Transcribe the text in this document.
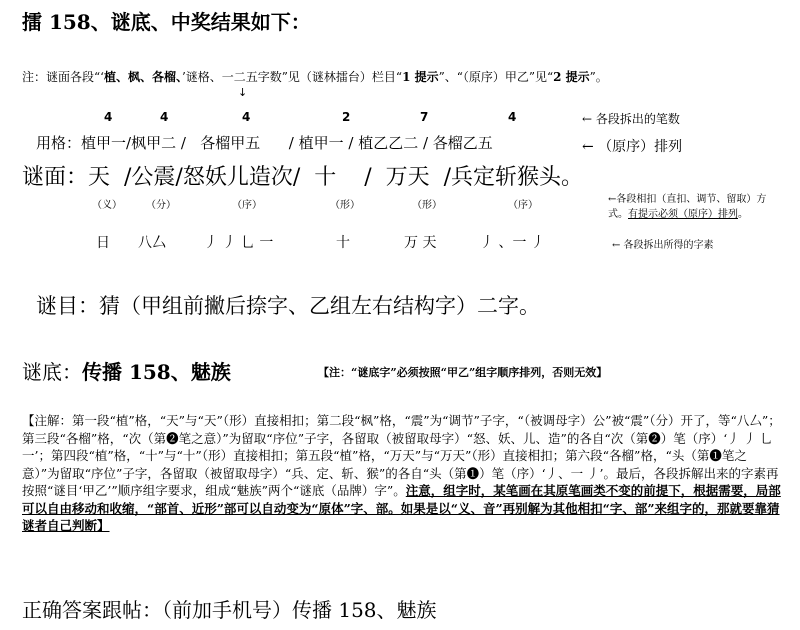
擂 158、谜底、中奖结果如下：
注：谜面各段“‘植、枫、各榴、’谜格、一二五字数”见（谜林擂台）栏目“1 提示”、“（原序）甲乙”见“2 提示”。
↓
4	4	4	2	7	4	← 各段拆出的笔数
用格：植甲一/枫甲二 /   各榴甲五      / 植甲一 / 植乙乙二 / 各榴乙五	← （原序）排列
谜面：天  /公震/怒妖儿造次/  十    /  万天  /兵定斩猴头。
（义） （分）	（序）	（形）	（形）	（序）
←各段相扣（直扣、调节、留取）方
式。有提示必须（原序）排列。
日 八厶	丿 丿 乚 一	十	万 天	丿 、一 丿	← 各段拆出所得的字素
谜目：猜（甲组前撇后捺字、乙组左右结构字）二字。
谜底：传播 158、魅族	【注：“谜底字”必须按照“甲乙”组字顺序排列，否则无效】
【注解：第一段“植”格，“天”与“天”（形）直接相扣；第二段“枫”格，“震”为“调节”子字，“（被调母字）公”被“震”（分）开了，等“八厶”；第三段“各榴”格，“次（第❷笔之意）”为留取“序位”子字，各留取（被留取母字）“怒、妖、儿、造”的各自“次（第❷）笔（序）‘丿 丿 乚 一’；第四段“植”格，“十”与“十”（形）直接相扣；第五段“植”格，“万天”与“万天”（形）直接相扣；第六段“各榴”格，“头（第❶笔之意）”为留取“序位”子字，各留取（被留取母字）“兵、定、斩、猴”的各自“头（第❶）笔（序）‘丿、一 丿’。最后，各段拆解出来的字素再按照“谜目‘甲乙’”顺序组字要求，组成“魅族”两个“谜底（品牌）字”。注意，组字时，某笔画在其原笔画类不变的前提下，根据需要，局部可以自由移动和收缩，“部首、近形”部可以自动变为“原体”字、部。如果是以“义、音”再别解为其他相扣“字、部”来组字的，那就要靠猜谜者自己判断】
正确答案跟帖：（前加手机号）传播 158、魅族
